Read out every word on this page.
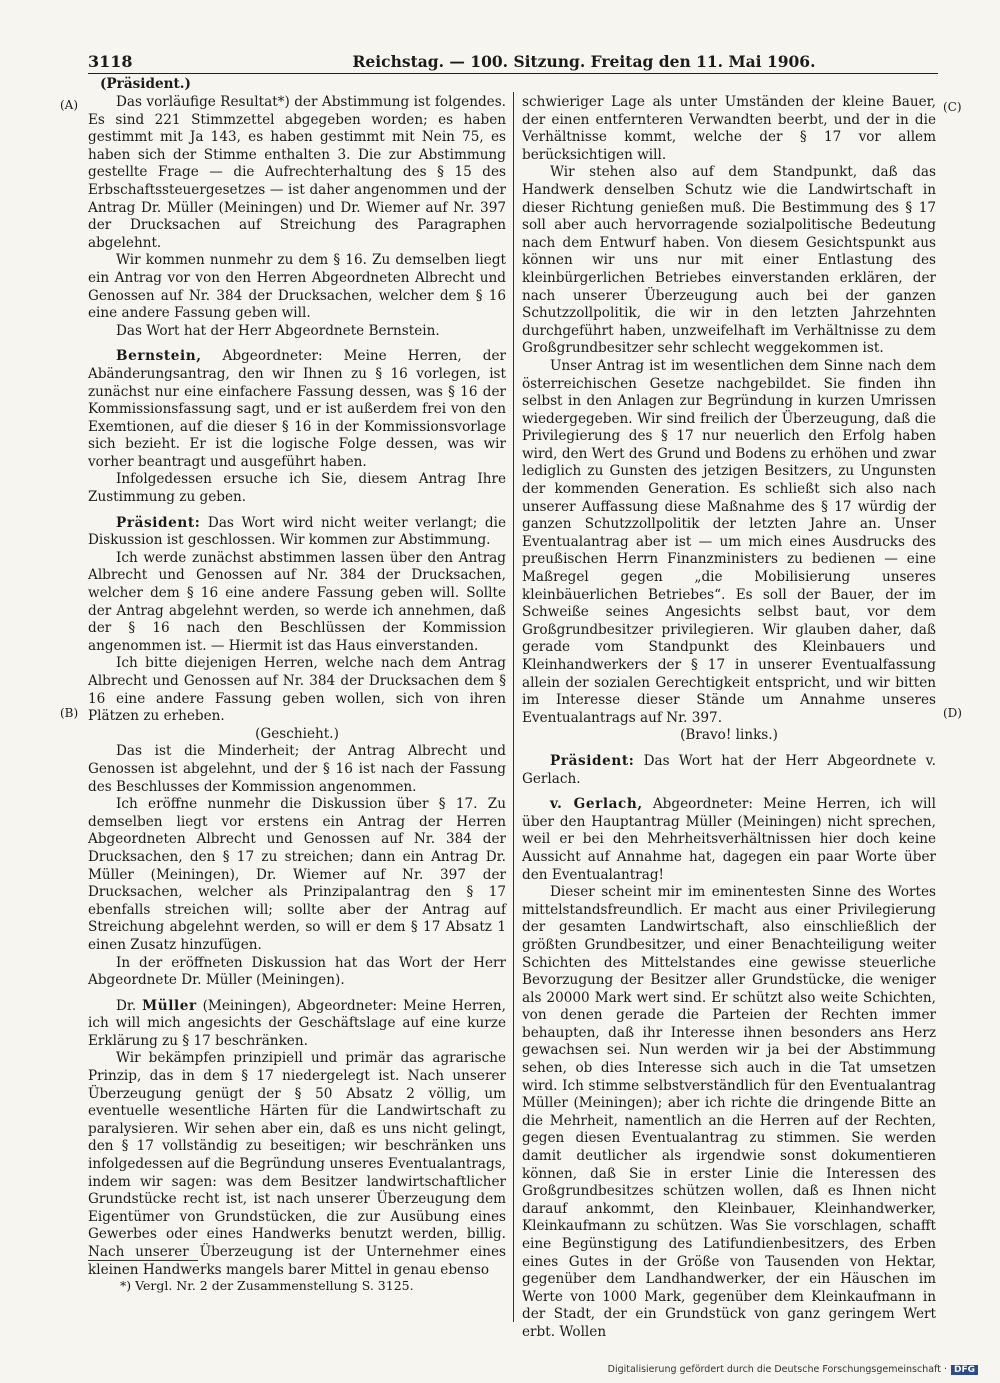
3118	Reichstag. — 100. Sitzung. Freitag den 11. Mai 1906.
(Präsident.)
(A)
(B)
(C)
(D)

Das vorläufige Resultat*) der Abstimmung ist folgendes. Es sind 221 Stimmzettel abgegeben worden; es haben gestimmt mit Ja 143, es haben gestimmt mit Nein 75, es haben sich der Stimme enthalten 3. Die zur Abstimmung gestellte Frage — die Aufrechterhaltung des § 15 des Erbschaftssteuergesetzes — ist daher angenommen und der Antrag Dr. Müller (Meiningen) und Dr. Wiemer auf Nr. 397 der Drucksachen auf Streichung des Paragraphen abgelehnt.

Wir kommen nunmehr zu dem § 16. Zu demselben liegt ein Antrag vor von den Herren Abgeordneten Albrecht und Genossen auf Nr. 384 der Drucksachen, welcher dem § 16 eine andere Fassung geben will.

Das Wort hat der Herr Abgeordnete Bernstein.

Bernstein, Abgeordneter: Meine Herren, der Abänderungsantrag, den wir Ihnen zu § 16 vorlegen, ist zunächst nur eine einfachere Fassung dessen, was § 16 der Kommissionsfassung sagt, und er ist außerdem frei von den Exemtionen, auf die dieser § 16 in der Kommissionsvorlage sich bezieht. Er ist die logische Folge dessen, was wir vorher beantragt und ausgeführt haben.

Infolgedessen ersuche ich Sie, diesem Antrag Ihre Zustimmung zu geben.

Präsident: Das Wort wird nicht weiter verlangt; die Diskussion ist geschlossen. Wir kommen zur Abstimmung.

Ich werde zunächst abstimmen lassen über den Antrag Albrecht und Genossen auf Nr. 384 der Drucksachen, welcher dem § 16 eine andere Fassung geben will. Sollte der Antrag abgelehnt werden, so werde ich annehmen, daß der § 16 nach den Beschlüssen der Kommission angenommen ist. — Hiermit ist das Haus einverstanden.

Ich bitte diejenigen Herren, welche nach dem Antrag Albrecht und Genossen auf Nr. 384 der Drucksachen dem § 16 eine andere Fassung geben wollen, sich von ihren Plätzen zu erheben.

(Geschieht.)

Das ist die Minderheit; der Antrag Albrecht und Genossen ist abgelehnt, und der § 16 ist nach der Fassung des Beschlusses der Kommission angenommen.

Ich eröffne nunmehr die Diskussion über § 17. Zu demselben liegt vor erstens ein Antrag der Herren Abgeordneten Albrecht und Genossen auf Nr. 384 der Drucksachen, den § 17 zu streichen; dann ein Antrag Dr. Müller (Meiningen), Dr. Wiemer auf Nr. 397 der Drucksachen, welcher als Prinzipalantrag den § 17 ebenfalls streichen will; sollte aber der Antrag auf Streichung abgelehnt werden, so will er dem § 17 Absatz 1 einen Zusatz hinzufügen.

In der eröffneten Diskussion hat das Wort der Herr Abgeordnete Dr. Müller (Meiningen).

Dr. Müller (Meiningen), Abgeordneter: Meine Herren, ich will mich angesichts der Geschäftslage auf eine kurze Erklärung zu § 17 beschränken.

Wir bekämpfen prinzipiell und primär das agrarische Prinzip, das in dem § 17 niedergelegt ist. Nach unserer Überzeugung genügt der § 50 Absatz 2 völlig, um eventuelle wesentliche Härten für die Landwirtschaft zu paralysieren. Wir sehen aber ein, daß es uns nicht gelingt, den § 17 vollständig zu beseitigen; wir beschränken uns infolgedessen auf die Begründung unseres Eventualantrags, indem wir sagen: was dem Besitzer landwirtschaftlicher Grundstücke recht ist, ist nach unserer Überzeugung dem Eigentümer von Grundstücken, die zur Ausübung eines Gewerbes oder eines Handwerks benutzt werden, billig. Nach unserer Überzeugung ist der Unternehmer eines kleinen Handwerks mangels barer Mittel in genau ebenso

schwieriger Lage als unter Umständen der kleine Bauer, der einen entfernteren Verwandten beerbt, und der in die Verhältnisse kommt, welche der § 17 vor allem berücksichtigen will.

Wir stehen also auf dem Standpunkt, daß das Handwerk denselben Schutz wie die Landwirtschaft in dieser Richtung genießen muß. Die Bestimmung des § 17 soll aber auch hervorragende sozialpolitische Bedeutung nach dem Entwurf haben. Von diesem Gesichtspunkt aus können wir uns nur mit einer Entlastung des kleinbürgerlichen Betriebes einverstanden erklären, der nach unserer Überzeugung auch bei der ganzen Schutzzollpolitik, die wir in den letzten Jahrzehnten durchgeführt haben, unzweifelhaft im Verhältnisse zu dem Großgrundbesitzer sehr schlecht weggekommen ist.

Unser Antrag ist im wesentlichen dem Sinne nach dem österreichischen Gesetze nachgebildet. Sie finden ihn selbst in den Anlagen zur Begründung in kurzen Umrissen wiedergegeben. Wir sind freilich der Überzeugung, daß die Privilegierung des § 17 nur neuerlich den Erfolg haben wird, den Wert des Grund und Bodens zu erhöhen und zwar lediglich zu Gunsten des jetzigen Besitzers, zu Ungunsten der kommenden Generation. Es schließt sich also nach unserer Auffassung diese Maßnahme des § 17 würdig der ganzen Schutzzollpolitik der letzten Jahre an. Unser Eventualantrag aber ist — um mich eines Ausdrucks des preußischen Herrn Finanzministers zu bedienen — eine Maßregel gegen „die Mobilisierung unseres kleinbäuerlichen Betriebes“. Es soll der Bauer, der im Schweiße seines Angesichts selbst baut, vor dem Großgrundbesitzer privilegieren. Wir glauben daher, daß gerade vom Standpunkt des Kleinbauers und Kleinhandwerkers der § 17 in unserer Eventualfassung allein der sozialen Gerechtigkeit entspricht, und wir bitten im Interesse dieser Stände um Annahme unseres Eventualantrags auf Nr. 397.

(Bravo! links.)

Präsident: Das Wort hat der Herr Abgeordnete v. Gerlach.

v. Gerlach, Abgeordneter: Meine Herren, ich will über den Hauptantrag Müller (Meiningen) nicht sprechen, weil er bei den Mehrheitsverhältnissen hier doch keine Aussicht auf Annahme hat, dagegen ein paar Worte über den Eventualantrag!

Dieser scheint mir im eminentesten Sinne des Wortes mittelstandsfreundlich. Er macht aus einer Privilegierung der gesamten Landwirtschaft, also einschließlich der größten Grundbesitzer, und einer Benachteiligung weiter Schichten des Mittelstandes eine gewisse steuerliche Bevorzugung der Besitzer aller Grundstücke, die weniger als 20000 Mark wert sind. Er schützt also weite Schichten, von denen gerade die Parteien der Rechten immer behaupten, daß ihr Interesse ihnen besonders ans Herz gewachsen sei. Nun werden wir ja bei der Abstimmung sehen, ob dies Interesse sich auch in die Tat umsetzen wird. Ich stimme selbstverständlich für den Eventualantrag Müller (Meiningen); aber ich richte die dringende Bitte an die Mehrheit, namentlich an die Herren auf der Rechten, gegen diesen Eventualantrag zu stimmen. Sie werden damit deutlicher als irgendwie sonst dokumentieren können, daß Sie in erster Linie die Interessen des Großgrundbesitzes schützen wollen, daß es Ihnen nicht darauf ankommt, den Kleinbauer, Kleinhandwerker, Kleinkaufmann zu schützen. Was Sie vorschlagen, schafft eine Begünstigung des Latifundienbesitzers, des Erben eines Gutes in der Größe von Tausenden von Hektar, gegenüber dem Landhandwerker, der ein Häuschen im Werte von 1000 Mark, gegenüber dem Kleinkaufmann in der Stadt, der ein Grundstück von ganz geringem Wert erbt. Wollen

*) Vergl. Nr. 2 der Zusammenstellung S. 3125.
Digitalisierung gefördert durch die Deutsche Forschungsgemeinschaft · DFG
